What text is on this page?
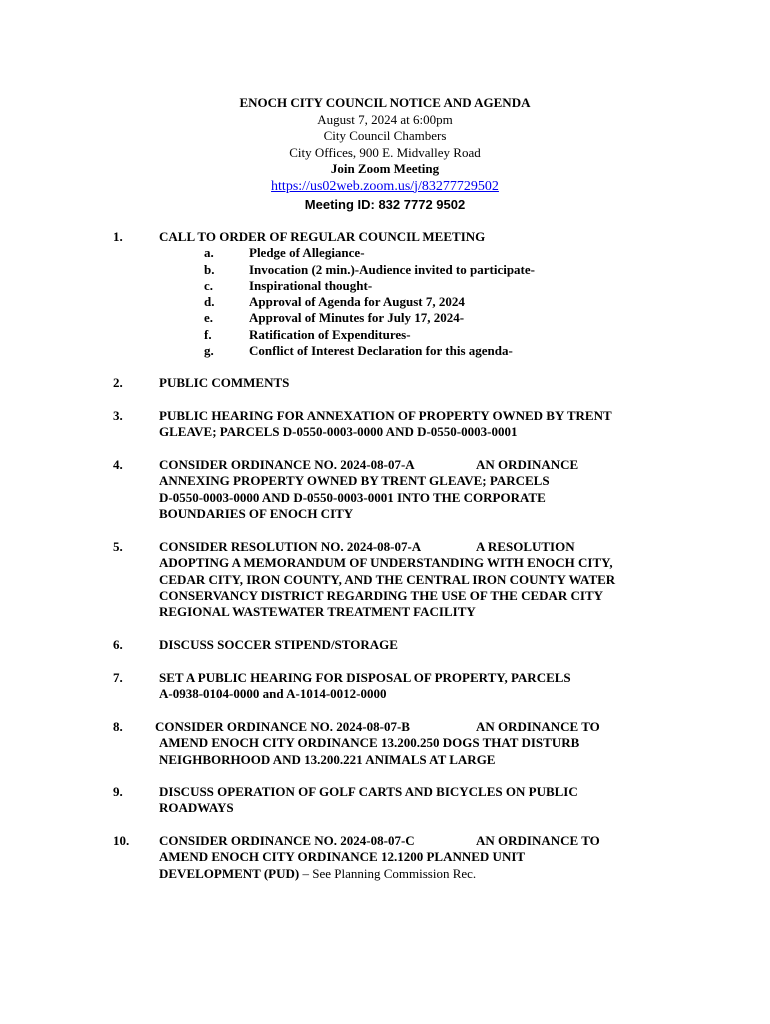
ENOCH CITY COUNCIL NOTICE AND AGENDA
August 7, 2024 at 6:00pm
City Council Chambers
City Offices, 900 E. Midvalley Road
Join Zoom Meeting
https://us02web.zoom.us/j/83277729502
Meeting ID: 832 7772 9502
1.	CALL TO ORDER OF REGULAR COUNCIL MEETING
a.	Pledge of Allegiance-
b.	Invocation (2 min.)-Audience invited to participate-
c.	Inspirational thought-
d.	Approval of Agenda for August 7, 2024
e.	Approval of Minutes for July 17, 2024-
f.	Ratification of Expenditures-
g.	Conflict of Interest Declaration for this agenda-
2.	PUBLIC COMMENTS
3.	PUBLIC HEARING FOR ANNEXATION OF PROPERTY OWNED BY TRENT
GLEAVE; PARCELS D-0550-0003-0000 AND D-0550-0003-0001
4.	CONSIDER ORDINANCE NO. 2024-08-07-A	AN ORDINANCE
ANNEXING PROPERTY OWNED BY TRENT GLEAVE; PARCELS
D-0550-0003-0000 AND D-0550-0003-0001 INTO THE CORPORATE
BOUNDARIES OF ENOCH CITY
5.	CONSIDER RESOLUTION NO. 2024-08-07-A	A RESOLUTION
ADOPTING A MEMORANDUM OF UNDERSTANDING WITH ENOCH CITY,
CEDAR CITY, IRON COUNTY, AND THE CENTRAL IRON COUNTY WATER
CONSERVANCY DISTRICT REGARDING THE USE OF THE CEDAR CITY
REGIONAL WASTEWATER TREATMENT FACILITY
6.	DISCUSS SOCCER STIPEND/STORAGE
7.	SET A PUBLIC HEARING FOR DISPOSAL OF PROPERTY, PARCELS
A-0938-0104-0000 and A-1014-0012-0000
8. CONSIDER ORDINANCE NO. 2024-08-07-B	AN ORDINANCE TO
AMEND ENOCH CITY ORDINANCE 13.200.250 DOGS THAT DISTURB
NEIGHBORHOOD AND 13.200.221 ANIMALS AT LARGE
9.	DISCUSS OPERATION OF GOLF CARTS AND BICYCLES ON PUBLIC
ROADWAYS
10. CONSIDER ORDINANCE NO. 2024-08-07-C	AN ORDINANCE TO
AMEND ENOCH CITY ORDINANCE 12.1200 PLANNED UNIT
DEVELOPMENT (PUD) – See Planning Commission Rec.
